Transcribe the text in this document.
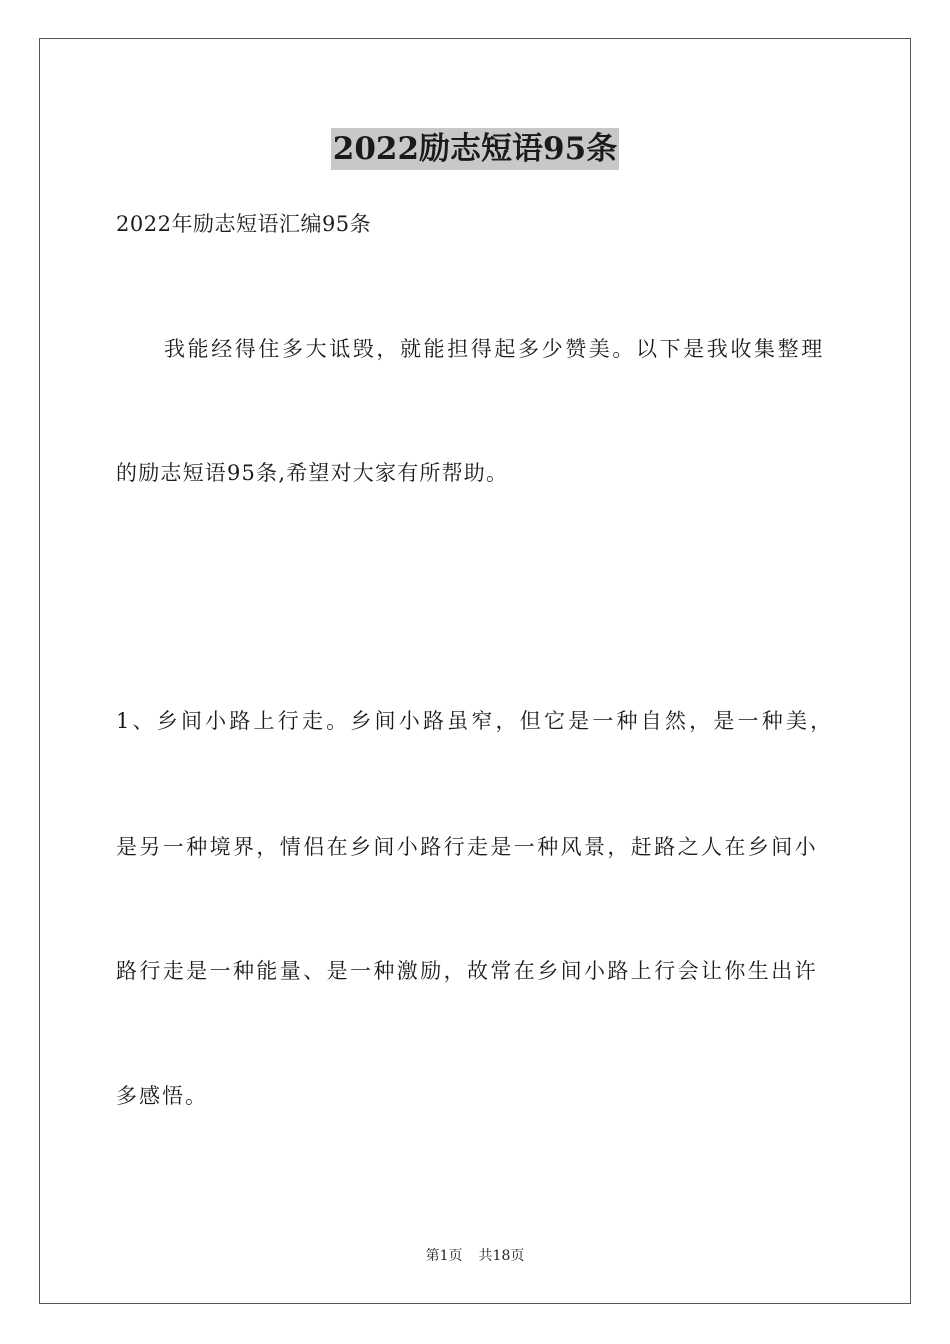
2022励志短语95条
2022年励志短语汇编95条
我能经得住多大诋毁，就能担得起多少赞美。以下是我收集整理
的励志短语95条,希望对大家有所帮助。
1、乡间小路上行走。乡间小路虽窄，但它是一种自然，是一种美，
是另一种境界，情侣在乡间小路行走是一种风景，赶路之人在乡间小
路行走是一种能量、是一种激励，故常在乡间小路上行会让你生出许
多感悟。
第1页 共18页
